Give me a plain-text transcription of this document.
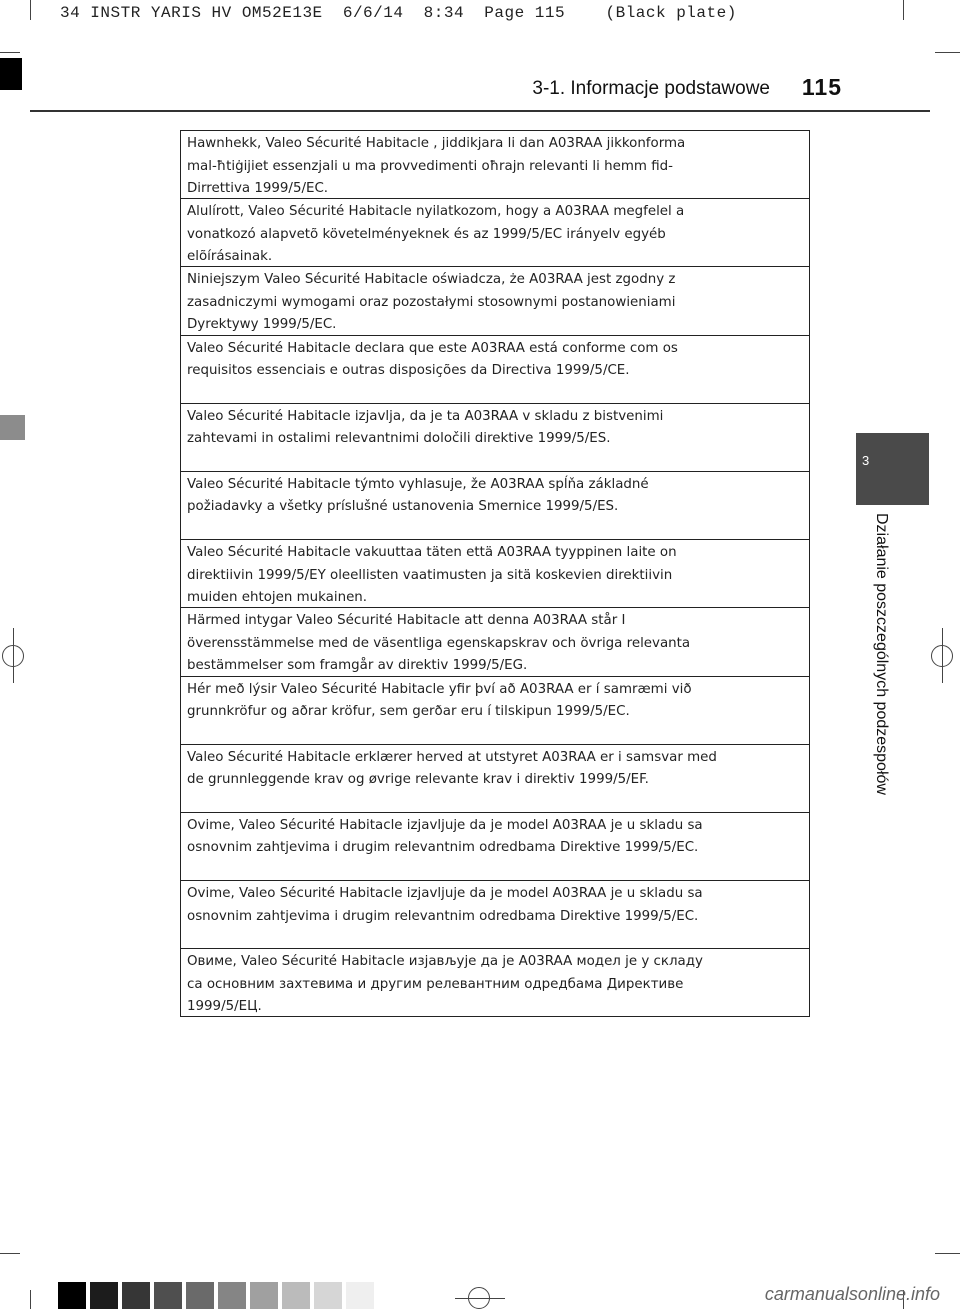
34 INSTR YARIS HV OM52E13E  6/6/14  8:34  Page 115    (Black plate)
3-1. Informacje podstawowe 115
3
Działanie poszczególnych podzespołów

Hawnhekk, Valeo Sécurité Habitacle , jiddikjara li dan A03RAA jikkonforma mal-ħtiġijiet essenzjali u ma provvedimenti oħrajn relevanti li hemm fid-Dirrettiva 1999/5/EC.

Alulírott, Valeo Sécurité Habitacle nyilatkozom, hogy a A03RAA megfelel a vonatkozó alapvetõ követelményeknek és az 1999/5/EC irányelv egyéb elõírásainak.

Niniejszym Valeo Sécurité Habitacle oświadcza, że A03RAA jest zgodny z zasadniczymi wymogami oraz pozostałymi stosownymi postanowieniami Dyrektywy 1999/5/EC.

Valeo Sécurité Habitacle declara que este A03RAA está conforme com os requisitos essenciais e outras disposições da Directiva 1999/5/CE.

Valeo Sécurité Habitacle izjavlja, da je ta A03RAA v skladu z bistvenimi zahtevami in ostalimi relevantnimi določili direktive 1999/5/ES.

Valeo Sécurité Habitacle týmto vyhlasuje, že A03RAA spĺňa základné požiadavky a všetky príslušné ustanovenia Smernice 1999/5/ES.

Valeo Sécurité Habitacle vakuuttaa täten että A03RAA tyyppinen laite on direktiivin 1999/5/EY oleellisten vaatimusten ja sitä koskevien direktiivin muiden ehtojen mukainen.

Härmed intygar Valeo Sécurité Habitacle att denna A03RAA står I överensstämmelse med de väsentliga egenskapskrav och övriga relevanta bestämmelser som framgår av direktiv 1999/5/EG.

Hér með lýsir Valeo Sécurité Habitacle yfir því að A03RAA er í samræmi við grunnkröfur og aðrar kröfur, sem gerðar eru í tilskipun 1999/5/EC.

Valeo Sécurité Habitacle erklærer herved at utstyret A03RAA er i samsvar med de grunnleggende krav og øvrige relevante krav i direktiv 1999/5/EF.

Ovime, Valeo Sécurité Habitacle izjavljuje da je model A03RAA je u skladu sa osnovnim zahtjevima i drugim relevantnim odredbama Direktive 1999/5/EC.

Ovime, Valeo Sécurité Habitacle izjavljuje da je model A03RAA je u skladu sa osnovnim zahtjevima i drugim relevantnim odredbama Direktive 1999/5/EC.

Овиме, Valeo Sécurité Habitacle изјављује да је A03RAA модел је у складу са основним захтевима и другим релевантним одредбама Директиве 1999/5/ЕЦ.

carmanualsonline.info
